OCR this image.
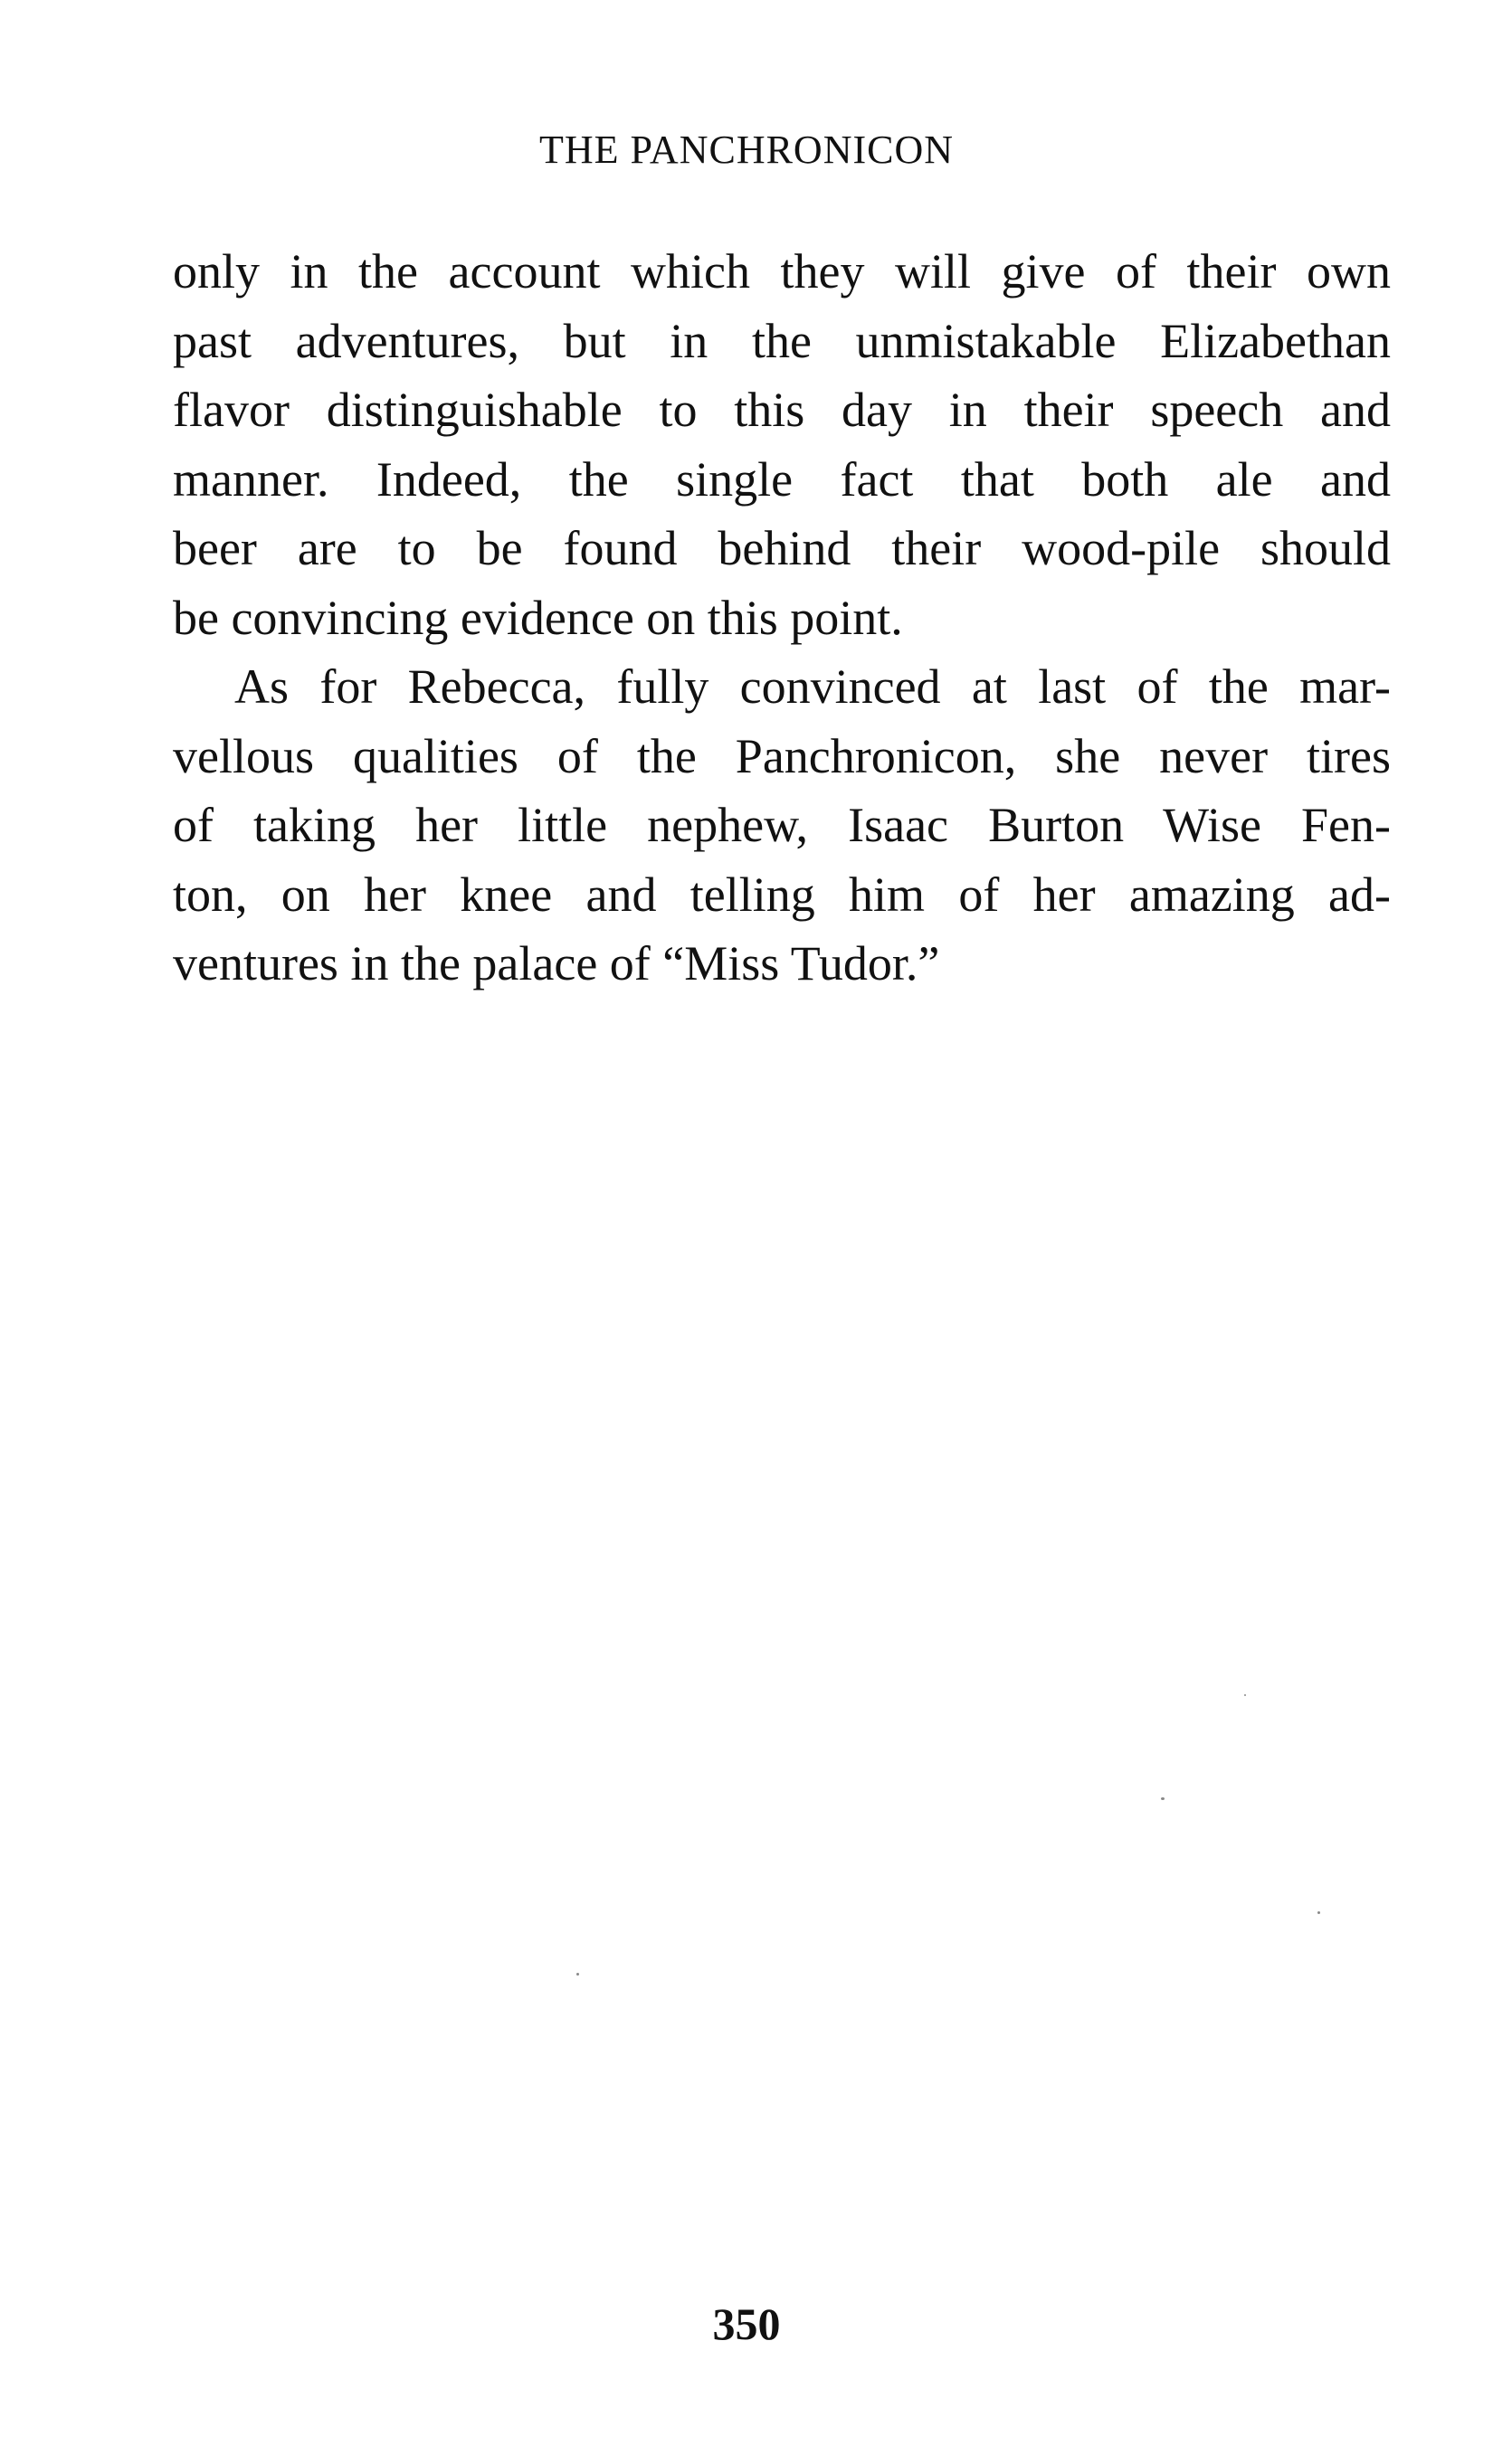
THE PANCHRONICON
only in the account which they will give of their own
past adventures, but in the unmistakable Elizabethan
flavor distinguishable to this day in their speech and
manner. Indeed, the single fact that both ale and
beer are to be found behind their wood-pile should
be convincing evidence on this point.
As for Rebecca, fully convinced at last of the mar-
vellous qualities of the Panchronicon, she never tires
of taking her little nephew, Isaac Burton Wise Fen-
ton, on her knee and telling him of her amazing ad-
ventures in the palace of “Miss Tudor.”
350
